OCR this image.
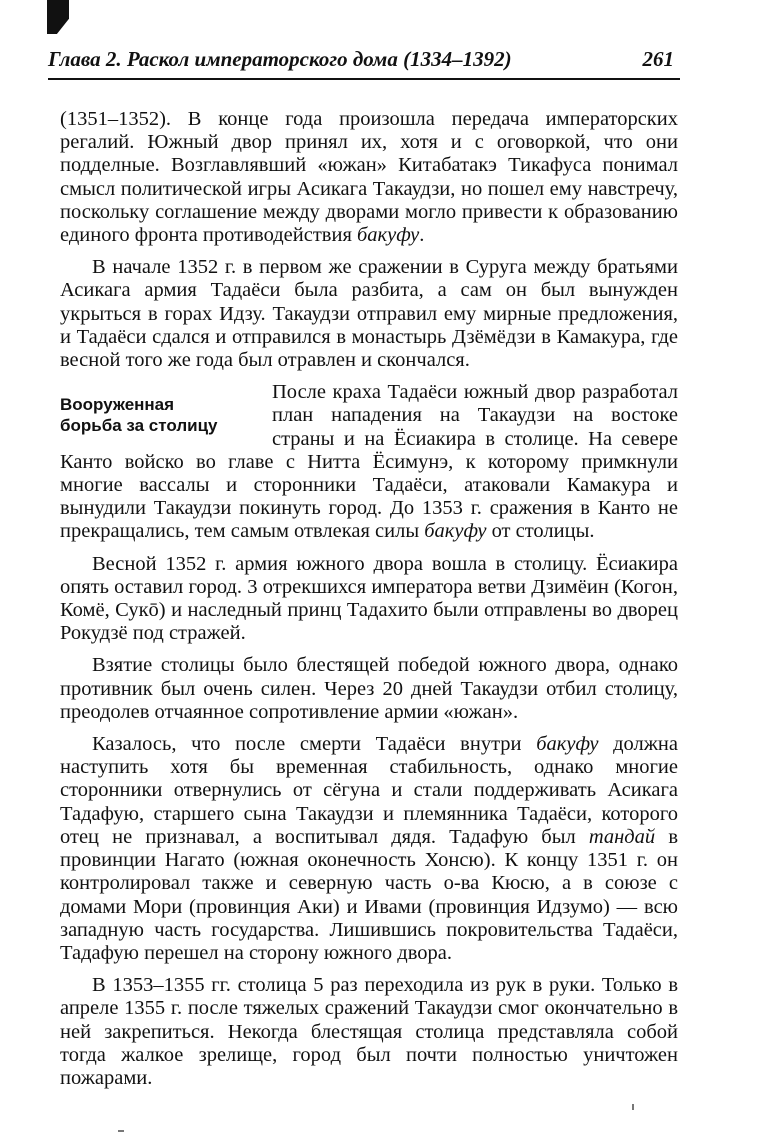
Глава 2. Раскол императорского дома (1334–1392)	261

(1351–1352). В конце года произошла передача императорских регалий. Южный двор принял их, хотя и с оговоркой, что они подделные. Возглавлявший «южан» Китабатакэ Тикафуса понимал смысл политической игры Асикага Такаудзи, но пошел ему навстречу, поскольку соглашение между дворами могло привести к образованию единого фронта противодействия бакуфу.

В начале 1352 г. в первом же сражении в Суруга между братьями Асикага армия Тадаёси была разбита, а сам он был вынужден укрыться в горах Идзу. Такаудзи отправил ему мирные предложения, и Тадаёси сдался и отправился в монастырь Дзёмёдзи в Камакура, где весной того же года был отравлен и скончался.

Вооруженная
борьба за столицу

После краха Тадаёси южный двор разработал план нападения на Такаудзи на востоке страны и на Ёсиакира в столице. На севере Канто войско во главе с Нитта Ёсимунэ, к которому примкнули многие вассалы и сторонники Тадаёси, атаковали Камакура и вынудили Такаудзи покинуть город. До 1353 г. сражения в Канто не прекращались, тем самым отвлекая силы бакуфу от столицы.

Весной 1352 г. армия южного двора вошла в столицу. Ёсиакира опять оставил город. 3 отрекшихся императора ветви Дзимёин (Когон, Комё, Сукō) и наследный принц Тадахито были отправлены во дворец Рокудзё под стражей.

Взятие столицы было блестящей победой южного двора, однако противник был очень силен. Через 20 дней Такаудзи отбил столицу, преодолев отчаянное сопротивление армии «южан».

Казалось, что после смерти Тадаёси внутри бакуфу должна наступить хотя бы временная стабильность, однако многие сторонники отвернулись от сёгуна и стали поддерживать Асикага Тадафую, старшего сына Такаудзи и племянника Тадаёси, которого отец не признавал, а воспитывал дядя. Тадафую был тандай в провинции Нагато (южная оконечность Хонсю). К концу 1351 г. он контролировал также и северную часть о-ва Кюсю, а в союзе с домами Мори (провинция Аки) и Ивами (провинция Идзумо) — всю западную часть государства. Лишившись покровительства Тадаёси, Тадафую перешел на сторону южного двора.

В 1353–1355 гг. столица 5 раз переходила из рук в руки. Только в апреле 1355 г. после тяжелых сражений Такаудзи смог окончательно в ней закрепиться. Некогда блестящая столица представляла собой тогда жалкое зрелище, город был почти полностью уничтожен пожарами.
